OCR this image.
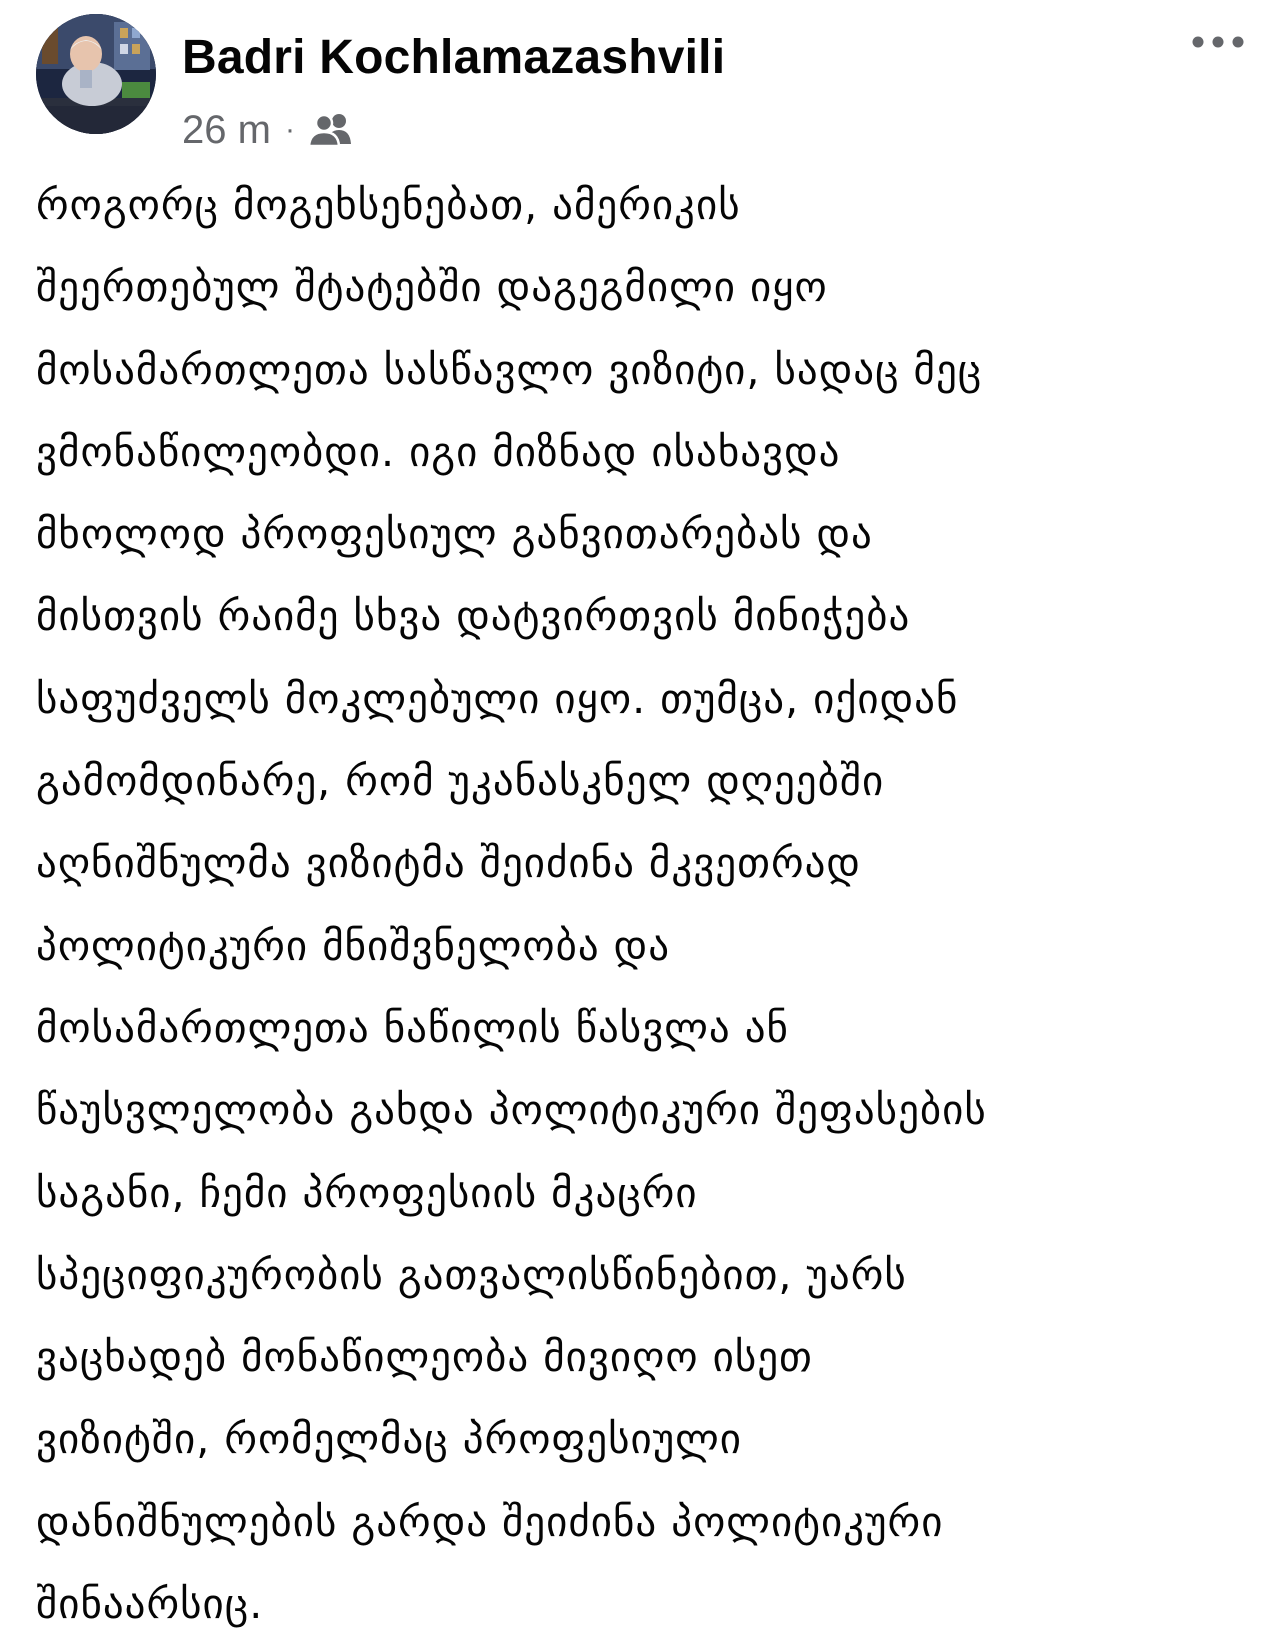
Badri Kochlamazashvili
26 m ·
როგორც მოგეხსენებათ, ამერიკის
შეერთებულ შტატებში დაგეგმილი იყო
მოსამართლეთა სასწავლო ვიზიტი, სადაც მეც
ვმონაწილეობდი. იგი მიზნად ისახავდა
მხოლოდ პროფესიულ განვითარებას და
მისთვის რაიმე სხვა დატვირთვის მინიჭება
საფუძველს მოკლებული იყო. თუმცა, იქიდან
გამომდინარე, რომ უკანასკნელ დღეებში
აღნიშნულმა ვიზიტმა შეიძინა მკვეთრად
პოლიტიკური მნიშვნელობა და
მოსამართლეთა ნაწილის წასვლა ან
წაუსვლელობა გახდა პოლიტიკური შეფასების
საგანი, ჩემი პროფესიის მკაცრი
სპეციფიკურობის გათვალისწინებით, უარს
ვაცხადებ მონაწილეობა მივიღო ისეთ
ვიზიტში, რომელმაც პროფესიული
დანიშნულების გარდა შეიძინა პოლიტიკური
შინაარსიც.
